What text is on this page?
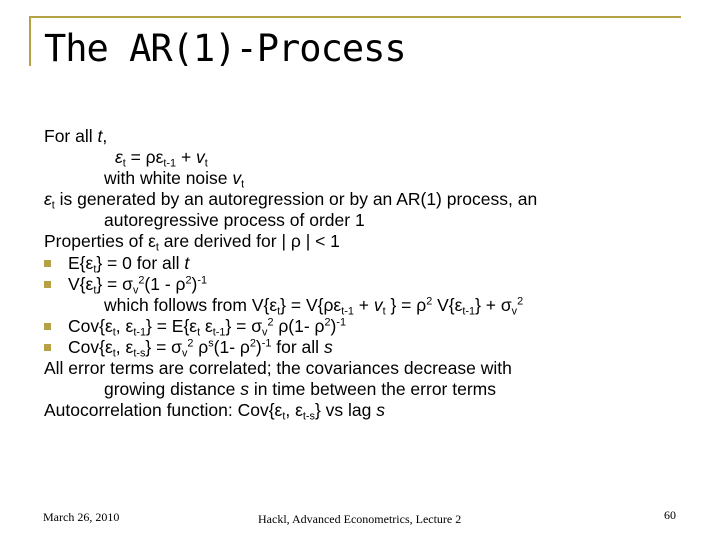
The AR(1)-Process
For all t,
$\varepsilon_t = \rho\varepsilon_{t-1} + v_t$
with white noise $v_t$
$\varepsilon_t$ is generated by an autoregression or by an AR(1) process, an
autoregressive process of order 1
Properties of $\varepsilon_t$ are derived for | ρ | < 1
$E\{\varepsilon_t\} = 0$ for all t
$V\{\varepsilon_t\} = \sigma_v^2(1 - \rho^2)^{-1}$
which follows from $V\{\varepsilon_t\} = V\{\rho\varepsilon_{t-1} + v_t$ } = $\rho^2$ $V\{\varepsilon_{t-1}\} + \sigma_v^2$
$Cov\{\varepsilon_t$, $\varepsilon_{t-1}\} = E\{\varepsilon_t$ $\varepsilon_{t-1}\} = \sigma_v^2$ ρ(1- $\rho^2)^{-1}$
$Cov\{\varepsilon_t$, $\varepsilon_{t-s}\} = \sigma_v^2$ $\rho^s(1-$ $\rho^2)^{-1}$ for all s
All error terms are correlated; the covariances decrease with
growing distance s in time between the error terms
Autocorrelation function: $Cov\{\varepsilon_t$, $\varepsilon_{t-s}$} vs lag s
March 26, 2010	Hackl, Advanced Econometrics, Lecture 2	60
